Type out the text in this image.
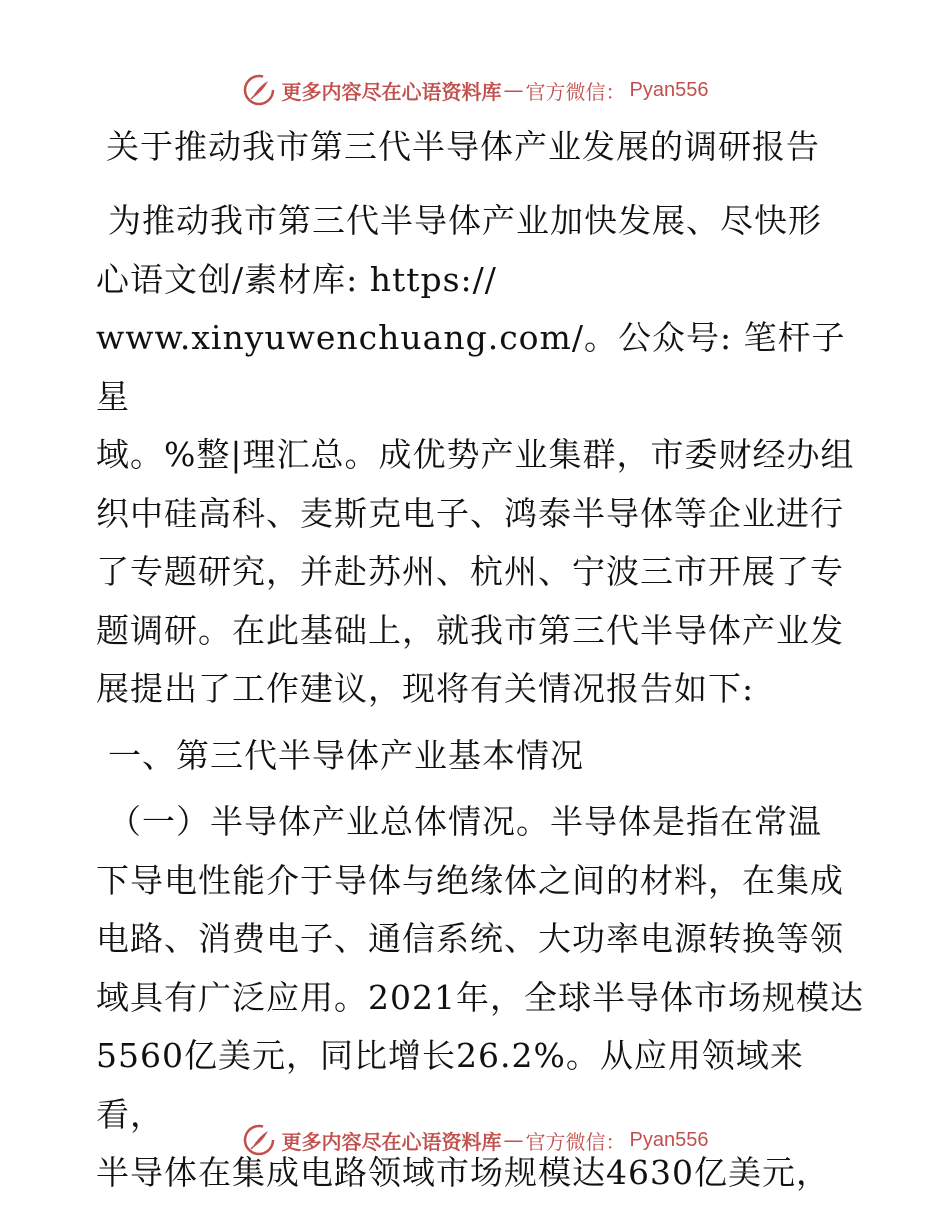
更多内容尽在心语资料库 — 官方微信： Pyan556
关于推动我市第三代半导体产业发展的调研报告

为推动我市第三代半导体产业加快发展、尽快形

心语文创/素材库: https://

www.xinyuwenchuang.com/。公众号: 笔杆子星

域。%整|理汇总。成优势产业集群，市委财经办组

织中硅高科、麦斯克电子、鸿泰半导体等企业进行

了专题研究，并赴苏州、杭州、宁波三市开展了专

题调研。在此基础上，就我市第三代半导体产业发

展提出了工作建议，现将有关情况报告如下:

一、第三代半导体产业基本情况

（一）半导体产业总体情况。半导体是指在常温

下导电性能介于导体与绝缘体之间的材料，在集成

电路、消费电子、通信系统、大功率电源转换等领

域具有广泛应用。2021年，全球半导体市场规模达

5560亿美元，同比增长26.2%。从应用领域来看，

半导体在集成电路领域市场规模达4630亿美元，

更多内容尽在心语资料库 — 官方微信： Pyan556
